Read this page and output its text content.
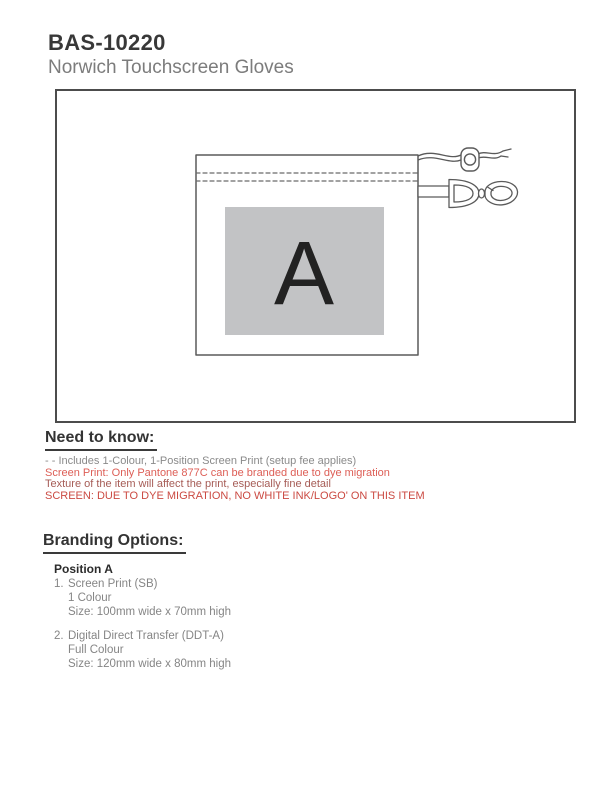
BAS-10220
Norwich Touchscreen Gloves
A
Need to know:
- - Includes 1-Colour, 1-Position Screen Print (setup fee applies)
Screen Print: Only Pantone 877C can be branded due to dye migration
Texture of the item will affect the print, especially fine detail
SCREEN: DUE TO DYE MIGRATION, NO WHITE INK/LOGO' ON THIS ITEM
Branding Options:
Position A
1. Screen Print (SB)
1 Colour
Size: 100mm wide x 70mm high
2. Digital Direct Transfer (DDT-A)
Full Colour
Size: 120mm wide x 80mm high
